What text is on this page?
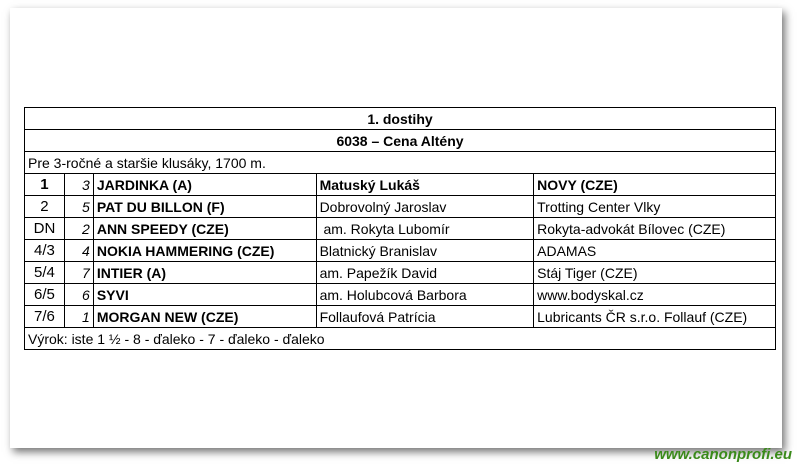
1. dostihy				
6038 – Cena Altény				
Pre 3-ročné a staršie klusáky, 1700 m.				
1	3	JARDINKA (A)	Matuský Lukáš	NOVY (CZE)
2	5	PAT DU BILLON (F)	Dobrovolný Jaroslav	Trotting Center Vlky
DN	2	ANN SPEEDY (CZE)	am. Rokyta Lubomír	Rokyta-advokát Bílovec (CZE)
4/3	4	NOKIA HAMMERING (CZE)	Blatnický Branislav	ADAMAS
5/4	7	INTIER (A)	am. Papežík David	Stáj Tiger (CZE)
6/5	6	SYVI	am. Holubcová Barbora	www.bodyskal.cz
7/6	1	MORGAN NEW (CZE)	Follaufová Patrícia	Lubricants ČR s.r.o. Follauf (CZE)
Výrok: iste 1 ½ - 8 - ďaleko - 7 - ďaleko - ďaleko				
www.canonprofi.eu
